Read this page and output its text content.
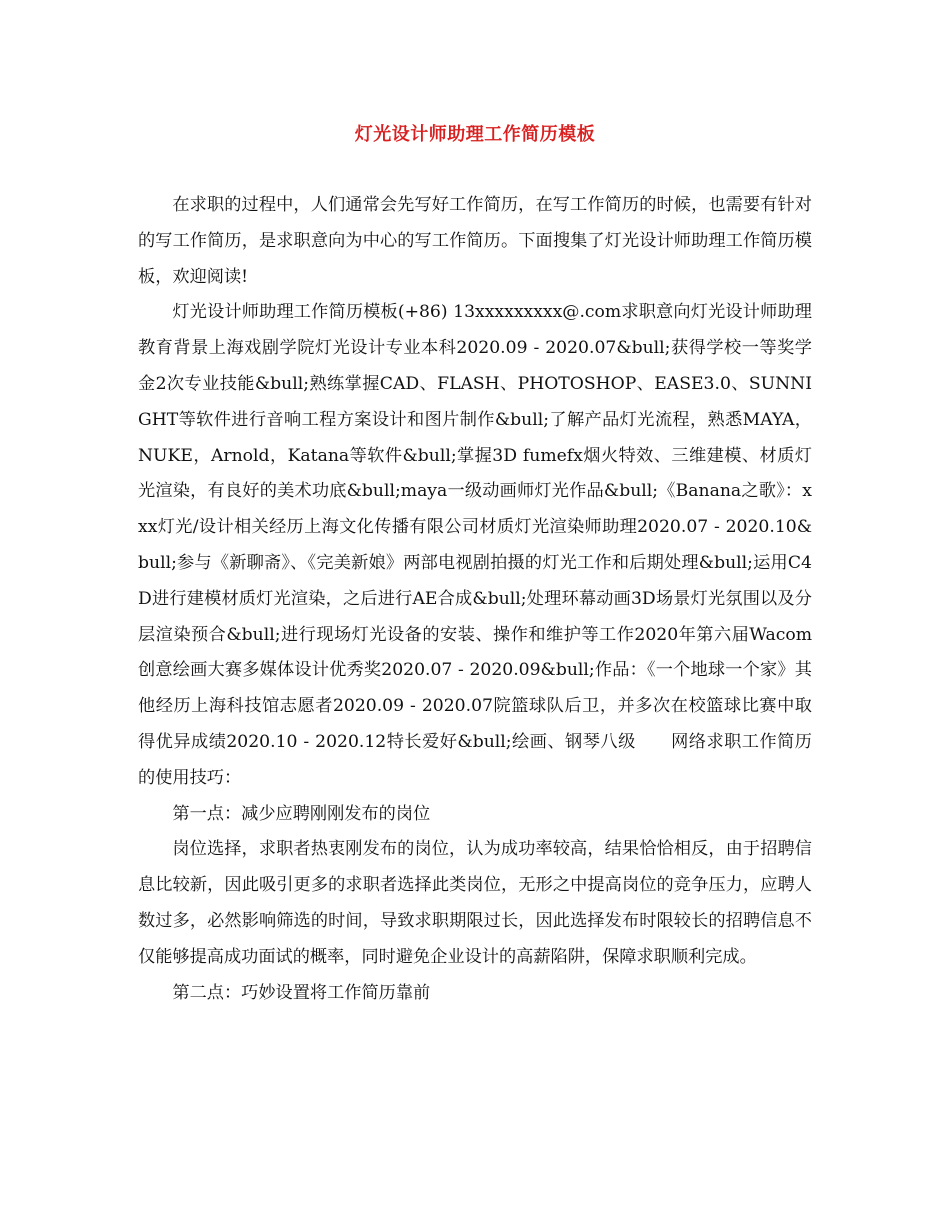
灯光设计师助理工作简历模板

在求职的过程中，人们通常会先写好工作简历，在写工作简历的时候，也需要有针对的写工作简历，是求职意向为中心的写工作简历。下面搜集了灯光设计师助理工作简历模板，欢迎阅读!

灯光设计师助理工作简历模板(+86) 13xxxxxxxxx@.com求职意向灯光设计师助理教育背景上海戏剧学院灯光设计专业本科2020.09 - 2020.07&bull;获得学校一等奖学金2次专业技能&bull;熟练掌握CAD、FLASH、PHOTOSHOP、EASE3.0、SUNNIGHT等软件进行音响工程方案设计和图片制作&bull;了解产品灯光流程，熟悉MAYA，NUKE，Arnold，Katana等软件&bull;掌握3D fumefx烟火特效、三维建模、材质灯光渲染，有良好的美术功底&bull;maya一级动画师灯光作品&bull;《Banana之歌》：xxx灯光/设计相关经历上海文化传播有限公司材质灯光渲染师助理2020.07 - 2020.10&bull;参与《新聊斋》、《完美新娘》两部电视剧拍摄的灯光工作和后期处理&bull;运用C4D进行建模材质灯光渲染，之后进行AE合成&bull;处理环幕动画3D场景灯光氛围以及分层渲染预合&bull;进行现场灯光设备的安装、操作和维护等工作2020年第六届Wacom创意绘画大赛多媒体设计优秀奖2020.07 - 2020.09&bull;作品：《一个地球一个家》其他经历上海科技馆志愿者2020.09 - 2020.07院篮球队后卫，并多次在校篮球比赛中取得优异成绩2020.10 - 2020.12特长爱好&bull;绘画、钢琴八级　　网络求职工作简历的使用技巧：

第一点：减少应聘刚刚发布的岗位

岗位选择，求职者热衷刚发布的岗位，认为成功率较高，结果恰恰相反，由于招聘信息比较新，因此吸引更多的求职者选择此类岗位，无形之中提高岗位的竞争压力，应聘人数过多，必然影响筛选的时间，导致求职期限过长，因此选择发布时限较长的招聘信息不仅能够提高成功面试的概率，同时避免企业设计的高薪陷阱，保障求职顺利完成。

第二点：巧妙设置将工作简历靠前
